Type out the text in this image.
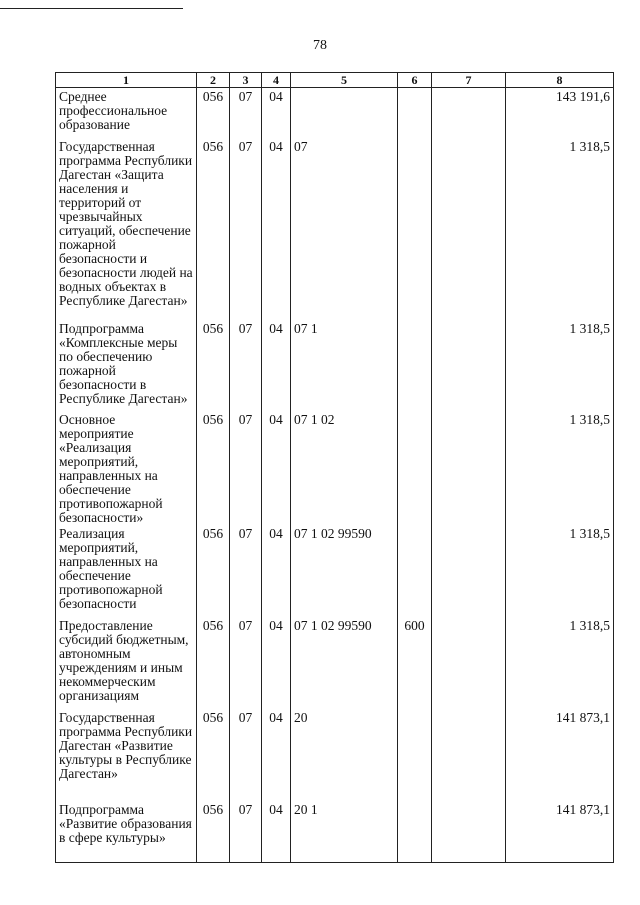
78
1	2	3	4	5	6	7	8
Среднее профессиональное образование	056	07	04				143 191,6
Государственная программа Республики Дагестан «Защита населения и территорий от чрезвычайных ситуаций, обеспечение пожарной безопасности и безопасности людей на водных объектах в Республике Дагестан»	056	07	04	07			1 318,5
Подпрограмма «Комплексные меры по обеспечению пожарной безопасности в Республике Дагестан»	056	07	04	07 1			1 318,5
Основное мероприятие «Реализация мероприятий, направленных на обеспечение противопожарной безопасности»	056	07	04	07 1 02			1 318,5
Реализация мероприятий, направленных на обеспечение противопожарной безопасности	056	07	04	07 1 02 99590			1 318,5
Предоставление субсидий бюджетным, автономным учреждениям и иным некоммерческим организациям	056	07	04	07 1 02 99590	600		1 318,5
Государственная программа Республики Дагестан «Развитие культуры в Республике Дагестан»	056	07	04	20			141 873,1
Подпрограмма «Развитие образования в сфере культуры»	056	07	04	20 1			141 873,1
